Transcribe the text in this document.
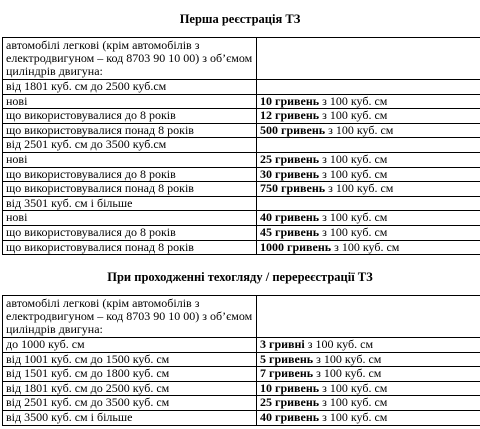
Перша реєстрація ТЗ
автомобілі легкові (крім автомобілів з електродвигуном – код 8703 90 10 00) з об’ємом циліндрів двигуна:	
від 1801 куб. см до 2500 куб.см	
нові	10 гривень з 100 куб. см
що використовувалися до 8 років	12 гривень з 100 куб. см
що використовувалися понад 8 років	500 гривень з 100 куб. см
від 2501 куб. см до 3500 куб.см	
нові	25 гривень з 100 куб. см
що використовувалися до 8 років	30 гривень з 100 куб. см
що використовувалися понад 8 років	750 гривень з 100 куб. см
від 3501 куб. см і більше	
нові	40 гривень з 100 куб. см
що використовувалися до 8 років	45 гривень з 100 куб. см
що використовувалися понад 8 років	1000 гривень з 100 куб. см
При проходженні техогляду / перереєстрації ТЗ
автомобілі легкові (крім автомобілів з електродвигуном – код 8703 90 10 00) з об’ємом циліндрів двигуна:	
до 1000 куб. см	3 гривні з 100 куб. см
від 1001 куб. см до 1500 куб. см	5 гривень з 100 куб. см
від 1501 куб. см до 1800 куб. см	7 гривень з 100 куб. см
від 1801 куб. см до 2500 куб. см	10 гривень з 100 куб. см
від 2501 куб. см до 3500 куб. см	25 гривень з 100 куб. см
від 3500 куб. см і більше	40 гривень з 100 куб. см
